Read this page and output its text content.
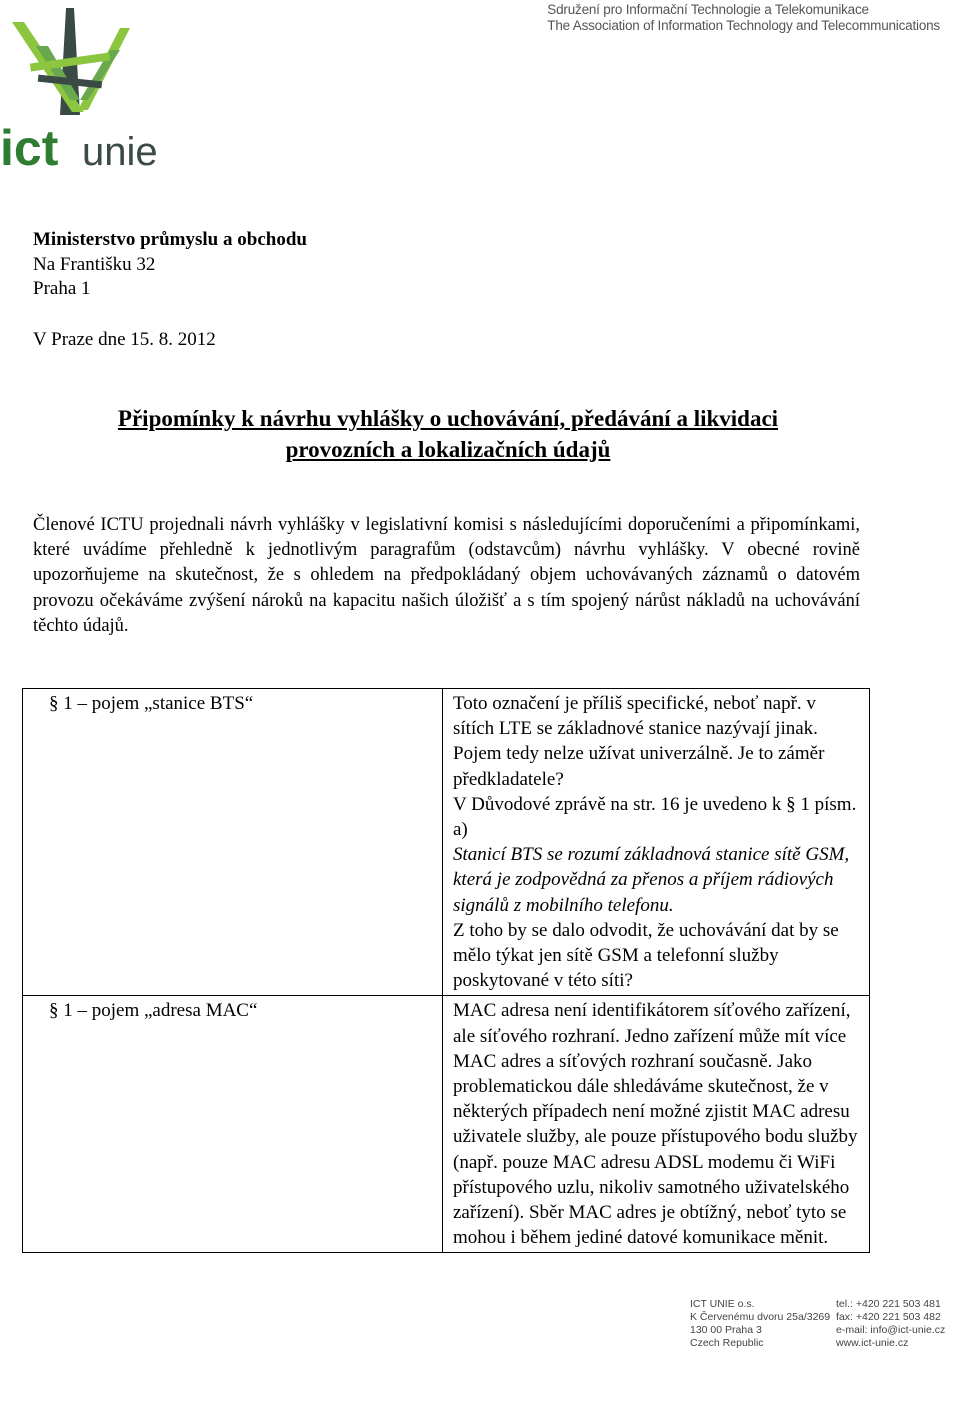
ict unie
Sdružení pro Informační Technologie a Telekomunikace
The Association of Information Technology and Telecommunications
Ministerstvo průmyslu a obchodu
Na Františku 32
Praha 1
V Praze dne 15. 8. 2012
Připomínky k návrhu vyhlášky o uchovávání, předávání a likvidaci
provozních a lokalizačních údajů
Členové ICTU projednali návrh vyhlášky v legislativní komisi s následujícími doporučeními a připomínkami, které uvádíme přehledně k jednotlivým paragrafům (odstavcům) návrhu vyhlášky. V obecné rovině upozorňujeme na skutečnost, že s ohledem na předpokládaný objem uchovávaných záznamů o datovém provozu očekáváme zvýšení nároků na kapacitu našich úložišť a s tím spojený nárůst nákladů na uchovávání těchto údajů.
§ 1 – pojem „stanice BTS“	Toto označení je příliš specifické, neboť např. v sítích LTE se základnové stanice nazývají jinak. Pojem tedy nelze užívat univerzálně. Je to záměr předkladatele?

V Důvodové zprávě na str. 16 je uvedeno k § 1 písm. a)

Stanicí BTS se rozumí základnová stanice sítě GSM, která je zodpovědná za přenos a příjem rádiových signálů z mobilního telefonu.

Z toho by se dalo odvodit, že uchovávání dat by se mělo týkat jen sítě GSM a telefonní služby poskytované v této síti?

§ 1 – pojem „adresa MAC“	MAC adresa není identifikátorem síťového zařízení, ale síťového rozhraní. Jedno zařízení může mít více MAC adres a síťových rozhraní současně. Jako problematickou dále shledáváme skutečnost, že v některých případech není možné zjistit MAC adresu uživatele služby, ale pouze přístupového bodu služby (např. pouze MAC adresu ADSL modemu či WiFi přístupového uzlu, nikoliv samotného uživatelského zařízení). Sběr MAC adres je obtížný, neboť tyto se mohou i během jediné datové komunikace měnit.

ICT UNIE o.s.
K Červenému dvoru 25a/3269
130 00 Praha 3
Czech Republic
tel.: +420 221 503 481
fax: +420 221 503 482
e-mail: info@ict-unie.cz
www.ict-unie.cz
